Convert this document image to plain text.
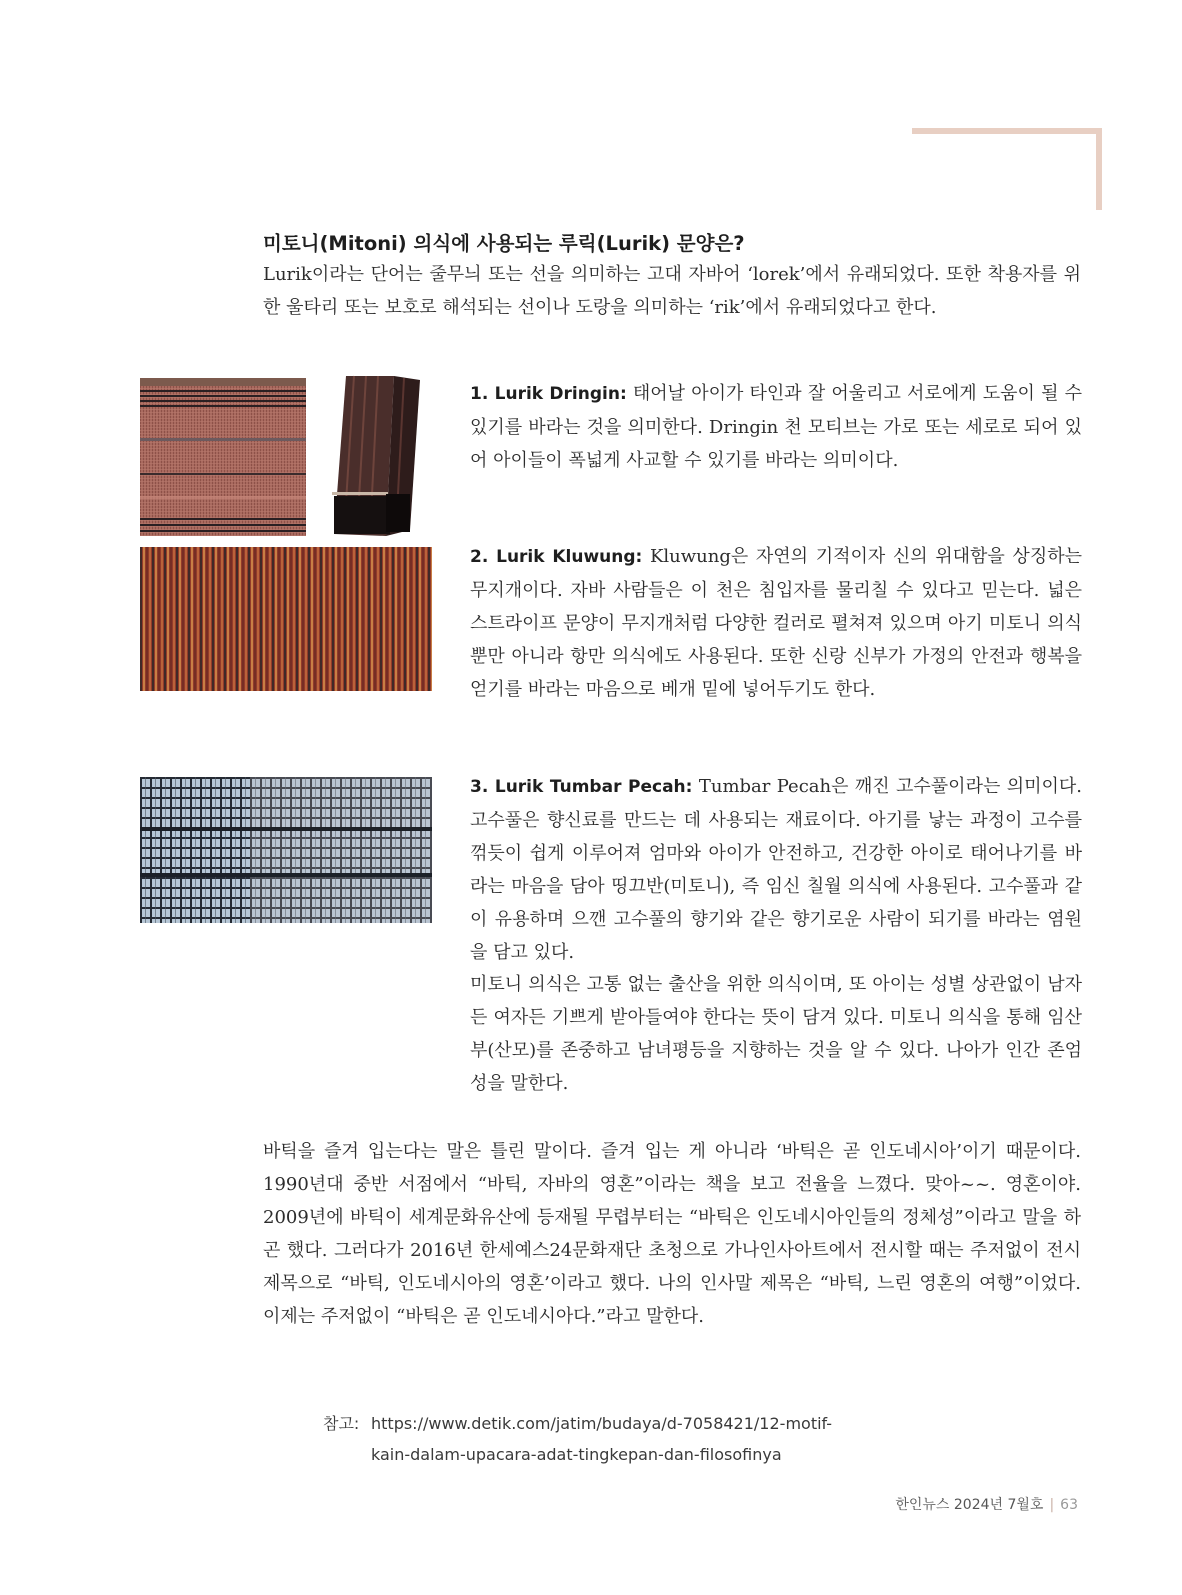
미토니(Mitoni) 의식에 사용되는 루릭(Lurik) 문양은?

Lurik이라는 단어는 줄무늬 또는 선을 의미하는 고대 자바어 ‘lorek’에서 유래되었다. 또한 착용자를 위한 울타리 또는 보호로 해석되는 선이나 도랑을 의미하는 ‘rik’에서 유래되었다고 한다.

1. Lurik Dringin: 태어날 아이가 타인과 잘 어울리고 서로에게 도움이 될 수 있기를 바라는 것을 의미한다. Dringin 천 모티브는 가로 또는 세로로 되어 있어 아이들이 폭넓게 사교할 수 있기를 바라는 의미이다.

2. Lurik Kluwung: Kluwung은 자연의 기적이자 신의 위대함을 상징하는 무지개이다. 자바 사람들은 이 천은 침입자를 물리칠 수 있다고 믿는다. 넓은 스트라이프 문양이 무지개처럼 다양한 컬러로 펼쳐져 있으며 아기 미토니 의식 뿐만 아니라 항만 의식에도 사용된다. 또한 신랑 신부가 가정의 안전과 행복을 얻기를 바라는 마음으로 베개 밑에 넣어두기도 한다.

3. Lurik Tumbar Pecah: Tumbar Pecah은 깨진 고수풀이라는 의미이다. 고수풀은 향신료를 만드는 데 사용되는 재료이다. 아기를 낳는 과정이 고수를 꺾듯이 쉽게 이루어져 엄마와 아이가 안전하고, 건강한 아이로 태어나기를 바라는 마음을 담아 띵끄반(미토니), 즉 임신 칠월 의식에 사용된다. 고수풀과 같이 유용하며 으깬 고수풀의 향기와 같은 향기로운 사람이 되기를 바라는 염원을 담고 있다.

미토니 의식은 고통 없는 출산을 위한 의식이며, 또 아이는 성별 상관없이 남자든 여자든 기쁘게 받아들여야 한다는 뜻이 담겨 있다. 미토니 의식을 통해 임산부(산모)를 존중하고 남녀평등을 지향하는 것을 알 수 있다. 나아가 인간 존엄성을 말한다.

바틱을 즐겨 입는다는 말은 틀린 말이다. 즐겨 입는 게 아니라 ‘바틱은 곧 인도네시아’이기 때문이다. 1990년대 중반 서점에서 “바틱, 자바의 영혼”이라는 책을 보고 전율을 느꼈다. 맞아~~. 영혼이야. 2009년에 바틱이 세계문화유산에 등재될 무렵부터는 “바틱은 인도네시아인들의 정체성”이라고 말을 하곤 했다. 그러다가 2016년 한세예스24문화재단 초청으로 가나인사아트에서 전시할 때는 주저없이 전시 제목으로 “바틱, 인도네시아의 영혼’이라고 했다. 나의 인사말 제목은 “바틱, 느린 영혼의 여행”이었다. 이제는 주저없이 “바틱은 곧 인도네시아다.”라고 말한다.

참고: https://www.detik.com/jatim/budaya/d-7058421/12-motif-
kain-dalam-upacara-adat-tingkepan-dan-filosofinya
한인뉴스 2024년 7월호 | 63
